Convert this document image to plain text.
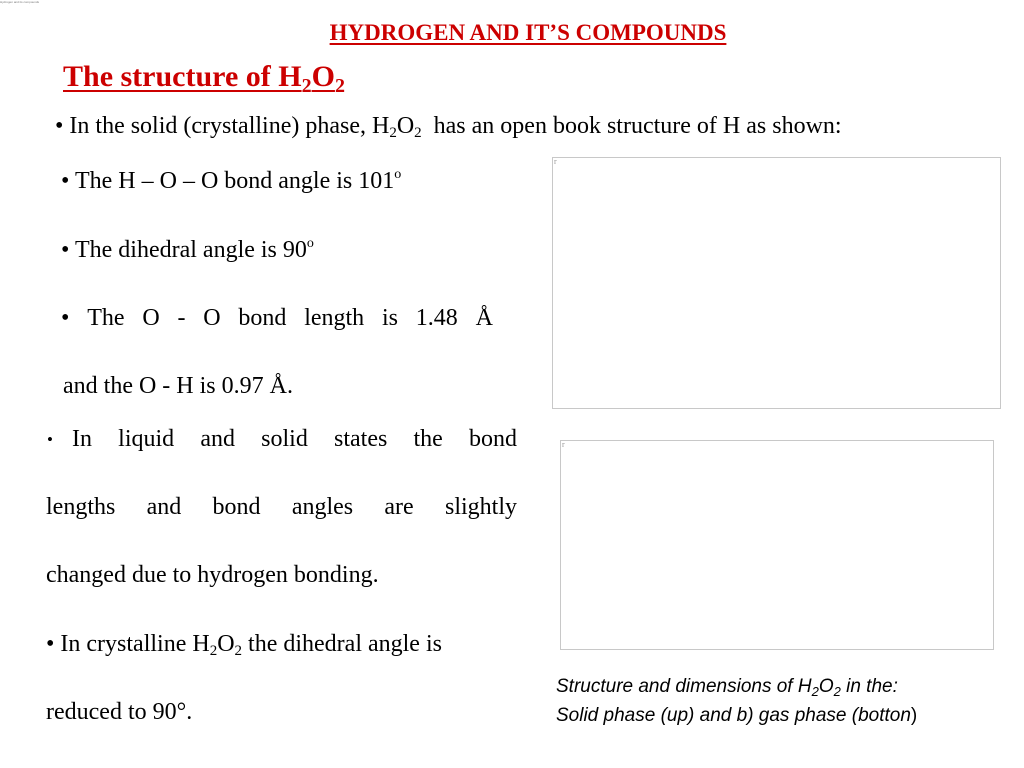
Hydrogen and its compounds
HYDROGEN AND IT’S COMPOUNDS
The structure of $H_2O_2$
• In the solid (crystalline) phase, $H_2O_2$ has an open book structure of H as shown:
• The H – O – O bond angle is 101$^o$
• The dihedral angle is 90$^o$
• The O - O bond length is 1.48 Å
and the O - H is 0.97 Å.
• In liquid and solid states the bond
lengths and bond angles are slightly
changed due to hydrogen bonding.
• In crystalline $H_2O_2$ the dihedral angle is
reduced to 90°.
r
r
Structure and dimensions of $H_2O_2$ in the:
Solid phase (up) and b) gas phase (botton)
